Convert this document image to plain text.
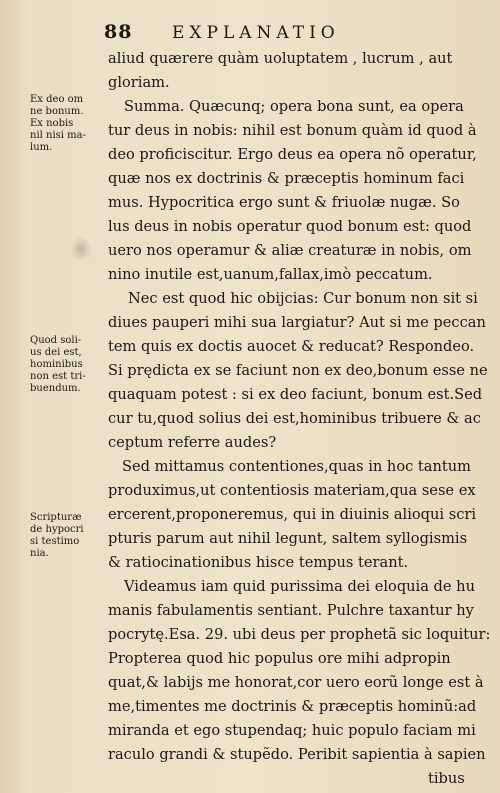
88 EXPLANATIO
aliud quærere quàm uoluptatem , lucrum , aut
gloriam.
Summa. Quæcunq; opera bona sunt, ea opera
tur deus in nobis: nihil est bonum quàm id quod à
deo proficiscitur. Ergo deus ea opera nõ operatur,
quæ nos ex doctrinis & præceptis hominum faci
mus. Hypocritica ergo sunt & friuolæ nugæ. So
lus deus in nobis operatur quod bonum est: quod
uero nos operamur & aliæ creaturæ in nobis, om
nino inutile est,uanum,fallax,imò peccatum.
Nec est quod hic obijcias: Cur bonum non sit si
diues pauperi mihi sua largiatur? Aut si me peccan
tem quis ex doctis auocet & reducat? Respondeo.
Si prędicta ex se faciunt non ex deo,bonum esse ne
quaquam potest : si ex deo faciunt, bonum est.Sed
cur tu,quod solius dei est,hominibus tribuere & ac
ceptum referre audes?
Sed mittamus contentiones,quas in hoc tantum
produximus,ut contentiosis materiam,qua sese ex
ercerent,proponeremus, qui in diuinis alioqui scri
pturis parum aut nihil legunt, saltem syllogismis
& ratiocinationibus hisce tempus terant.
Videamus iam quid purissima dei eloquia de hu
manis fabulamentis sentiant. Pulchre taxantur hy
pocrytę.Esa. 29. ubi deus per prophetã sic loquitur:
Propterea quod hic populus ore mihi adpropin
quat,& labijs me honorat,cor uero eorũ longe est à
me,timentes me doctrinis & præceptis hominũ:ad
miranda et ego stupendaq; huic populo faciam mi
raculo grandi & stupẽdo. Peribit sapientia à sapien
tibus
Ex deo om
ne bonum.
Ex nobis
nil nisi ma-
lum.
Quod soli-
us dei est,
hominibus
non est tri-
buendum.
Scripturæ
de hypocri
si testimo
nia.
